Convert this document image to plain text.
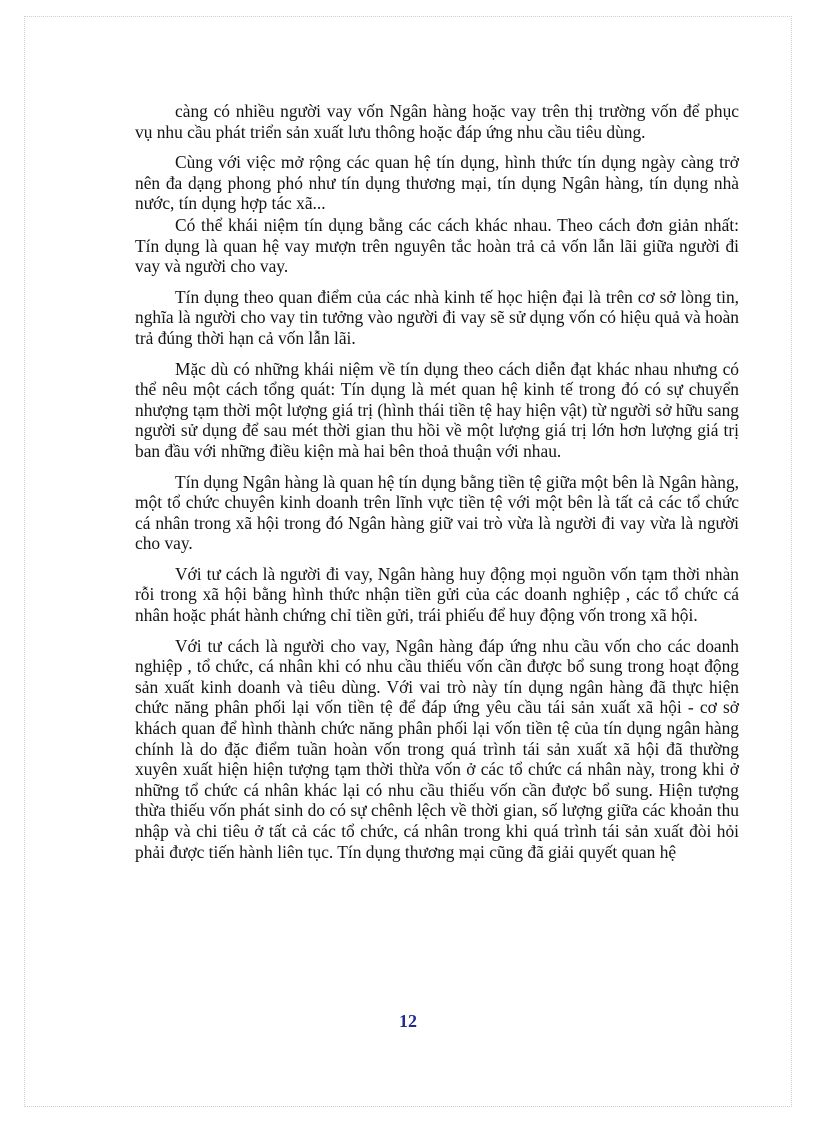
càng có nhiều người vay vốn Ngân hàng hoặc vay trên thị trường vốn để phục vụ nhu cầu phát triển sản xuất lưu thông hoặc đáp ứng nhu cầu tiêu dùng.

Cùng với việc mở rộng các quan hệ tín dụng, hình thức tín dụng ngày càng trở nên đa dạng phong phó như tín dụng thương mại, tín dụng Ngân hàng, tín dụng nhà nước, tín dụng hợp tác xã...

Có thể khái niệm tín dụng bằng các cách khác nhau. Theo cách đơn giản nhất: Tín dụng là quan hệ vay mượn trên nguyên tắc hoàn trả cả vốn lẫn lãi giữa người đi vay và người cho vay.

Tín dụng theo quan điểm của các nhà kinh tế học hiện đại là trên cơ sở lòng tin, nghĩa là người cho vay tin tưởng vào người đi vay sẽ sử dụng vốn có hiệu quả và hoàn trả đúng thời hạn cả vốn lẫn lãi.

Mặc dù có những khái niệm về tín dụng theo cách diễn đạt khác nhau nhưng có thể nêu một cách tổng quát: Tín dụng là mét quan hệ kinh tế trong đó có sự chuyển nhượng tạm thời một lượng giá trị (hình thái tiền tệ hay hiện vật) từ người sở hữu sang người sử dụng để sau mét thời gian thu hồi về một lượng giá trị lớn hơn lượng giá trị ban đầu với những điều kiện mà hai bên thoả thuận với nhau.

Tín dụng Ngân hàng là quan hệ tín dụng bằng tiền tệ giữa một bên là Ngân hàng, một tổ chức chuyên kinh doanh trên lĩnh vực tiền tệ với một bên là tất cả các tổ chức cá nhân trong xã hội trong đó Ngân hàng giữ vai trò vừa là người đi vay vừa là người cho vay.

Với tư cách là người đi vay, Ngân hàng huy động mọi nguồn vốn tạm thời nhàn rỗi trong xã hội bằng hình thức nhận tiền gửi của các doanh nghiệp , các tổ chức cá nhân hoặc phát hành chứng chỉ tiền gửi, trái phiếu để huy động vốn trong xã hội.

Với tư cách là người cho vay, Ngân hàng đáp ứng nhu cầu vốn cho các doanh nghiệp , tổ chức, cá nhân khi có nhu cầu thiếu vốn cần được bổ sung trong hoạt động sản xuất kinh doanh và tiêu dùng. Với vai trò này tín dụng ngân hàng đã thực hiện chức năng phân phối lại vốn tiền tệ để đáp ứng yêu cầu tái sản xuất xã hội - cơ sở khách quan để hình thành chức năng phân phối lại vốn tiền tệ của tín dụng ngân hàng chính là do đặc điểm tuần hoàn vốn trong quá trình tái sản xuất xã hội đã thường xuyên xuất hiện hiện tượng tạm thời thừa vốn ở các tổ chức cá nhân này, trong khi ở những tổ chức cá nhân khác lại có nhu cầu thiếu vốn cần được bổ sung. Hiện tượng thừa thiếu vốn phát sinh do có sự chênh lệch về thời gian, số lượng giữa các khoản thu nhập và chi tiêu ở tất cả các tổ chức, cá nhân trong khi quá trình tái sản xuất đòi hỏi phải được tiến hành liên tục. Tín dụng thương mại cũng đã giải quyết quan hệ

12
